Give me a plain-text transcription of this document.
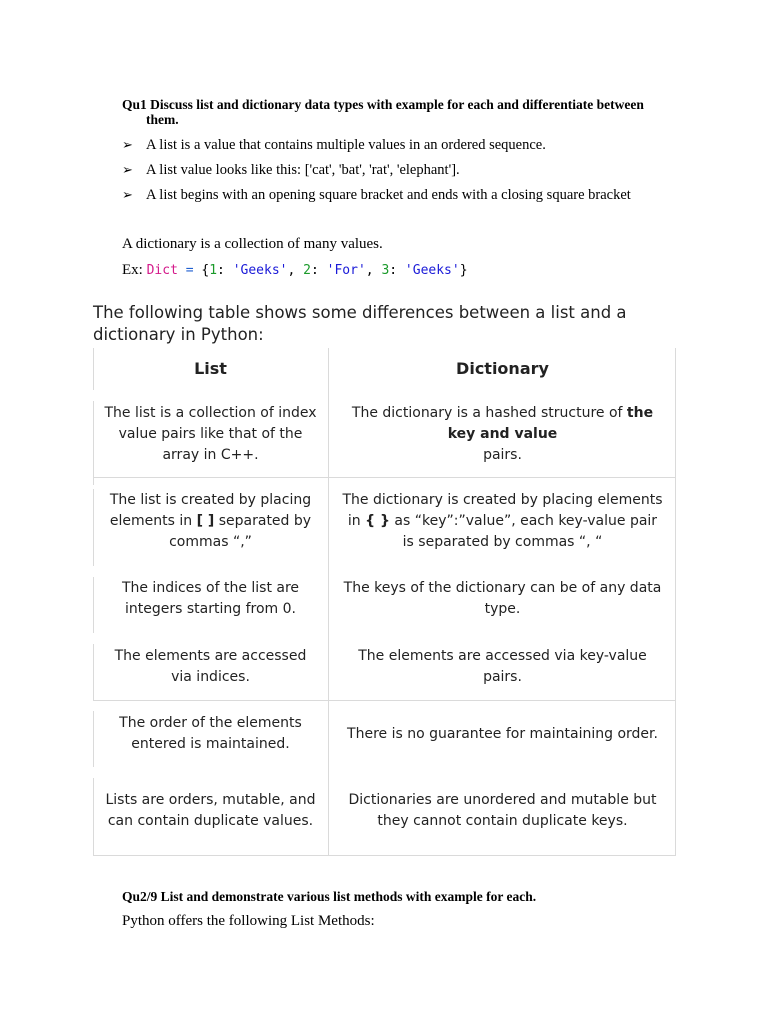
Qu1 Discuss list and dictionary data types with example for each and differentiate between
them.
➢ A list is a value that contains multiple values in an ordered sequence.
➢ A list value looks like this: ['cat', 'bat', 'rat', 'elephant'].
➢ A list begins with an opening square bracket and ends with a closing square bracket
A dictionary is a collection of many values.
Ex: Dict = {1: 'Geeks', 2: 'For', 3: 'Geeks'}
The following table shows some differences between a list and a dictionary in Python:
List	Dictionary
The list is a collection of index value pairs like that of the array in C++.
The dictionary is a hashed structure of the key and value
pairs.
The list is created by placing elements in [ ] separated by commas “,”
The dictionary is created by placing elements in { } as “key”:”value”, each key-value pair is separated by commas “, “
The indices of the list are integers starting from 0.
The keys of the dictionary can be of any data type.
The elements are accessed via indices.
The elements are accessed via key-value pairs.
The order of the elements entered is maintained.
There is no guarantee for maintaining order.
Lists are orders, mutable, and can contain duplicate values.
Dictionaries are unordered and mutable but they cannot contain duplicate keys.
Qu2/9 List and demonstrate various list methods with example for each.
Python offers the following List Methods:
